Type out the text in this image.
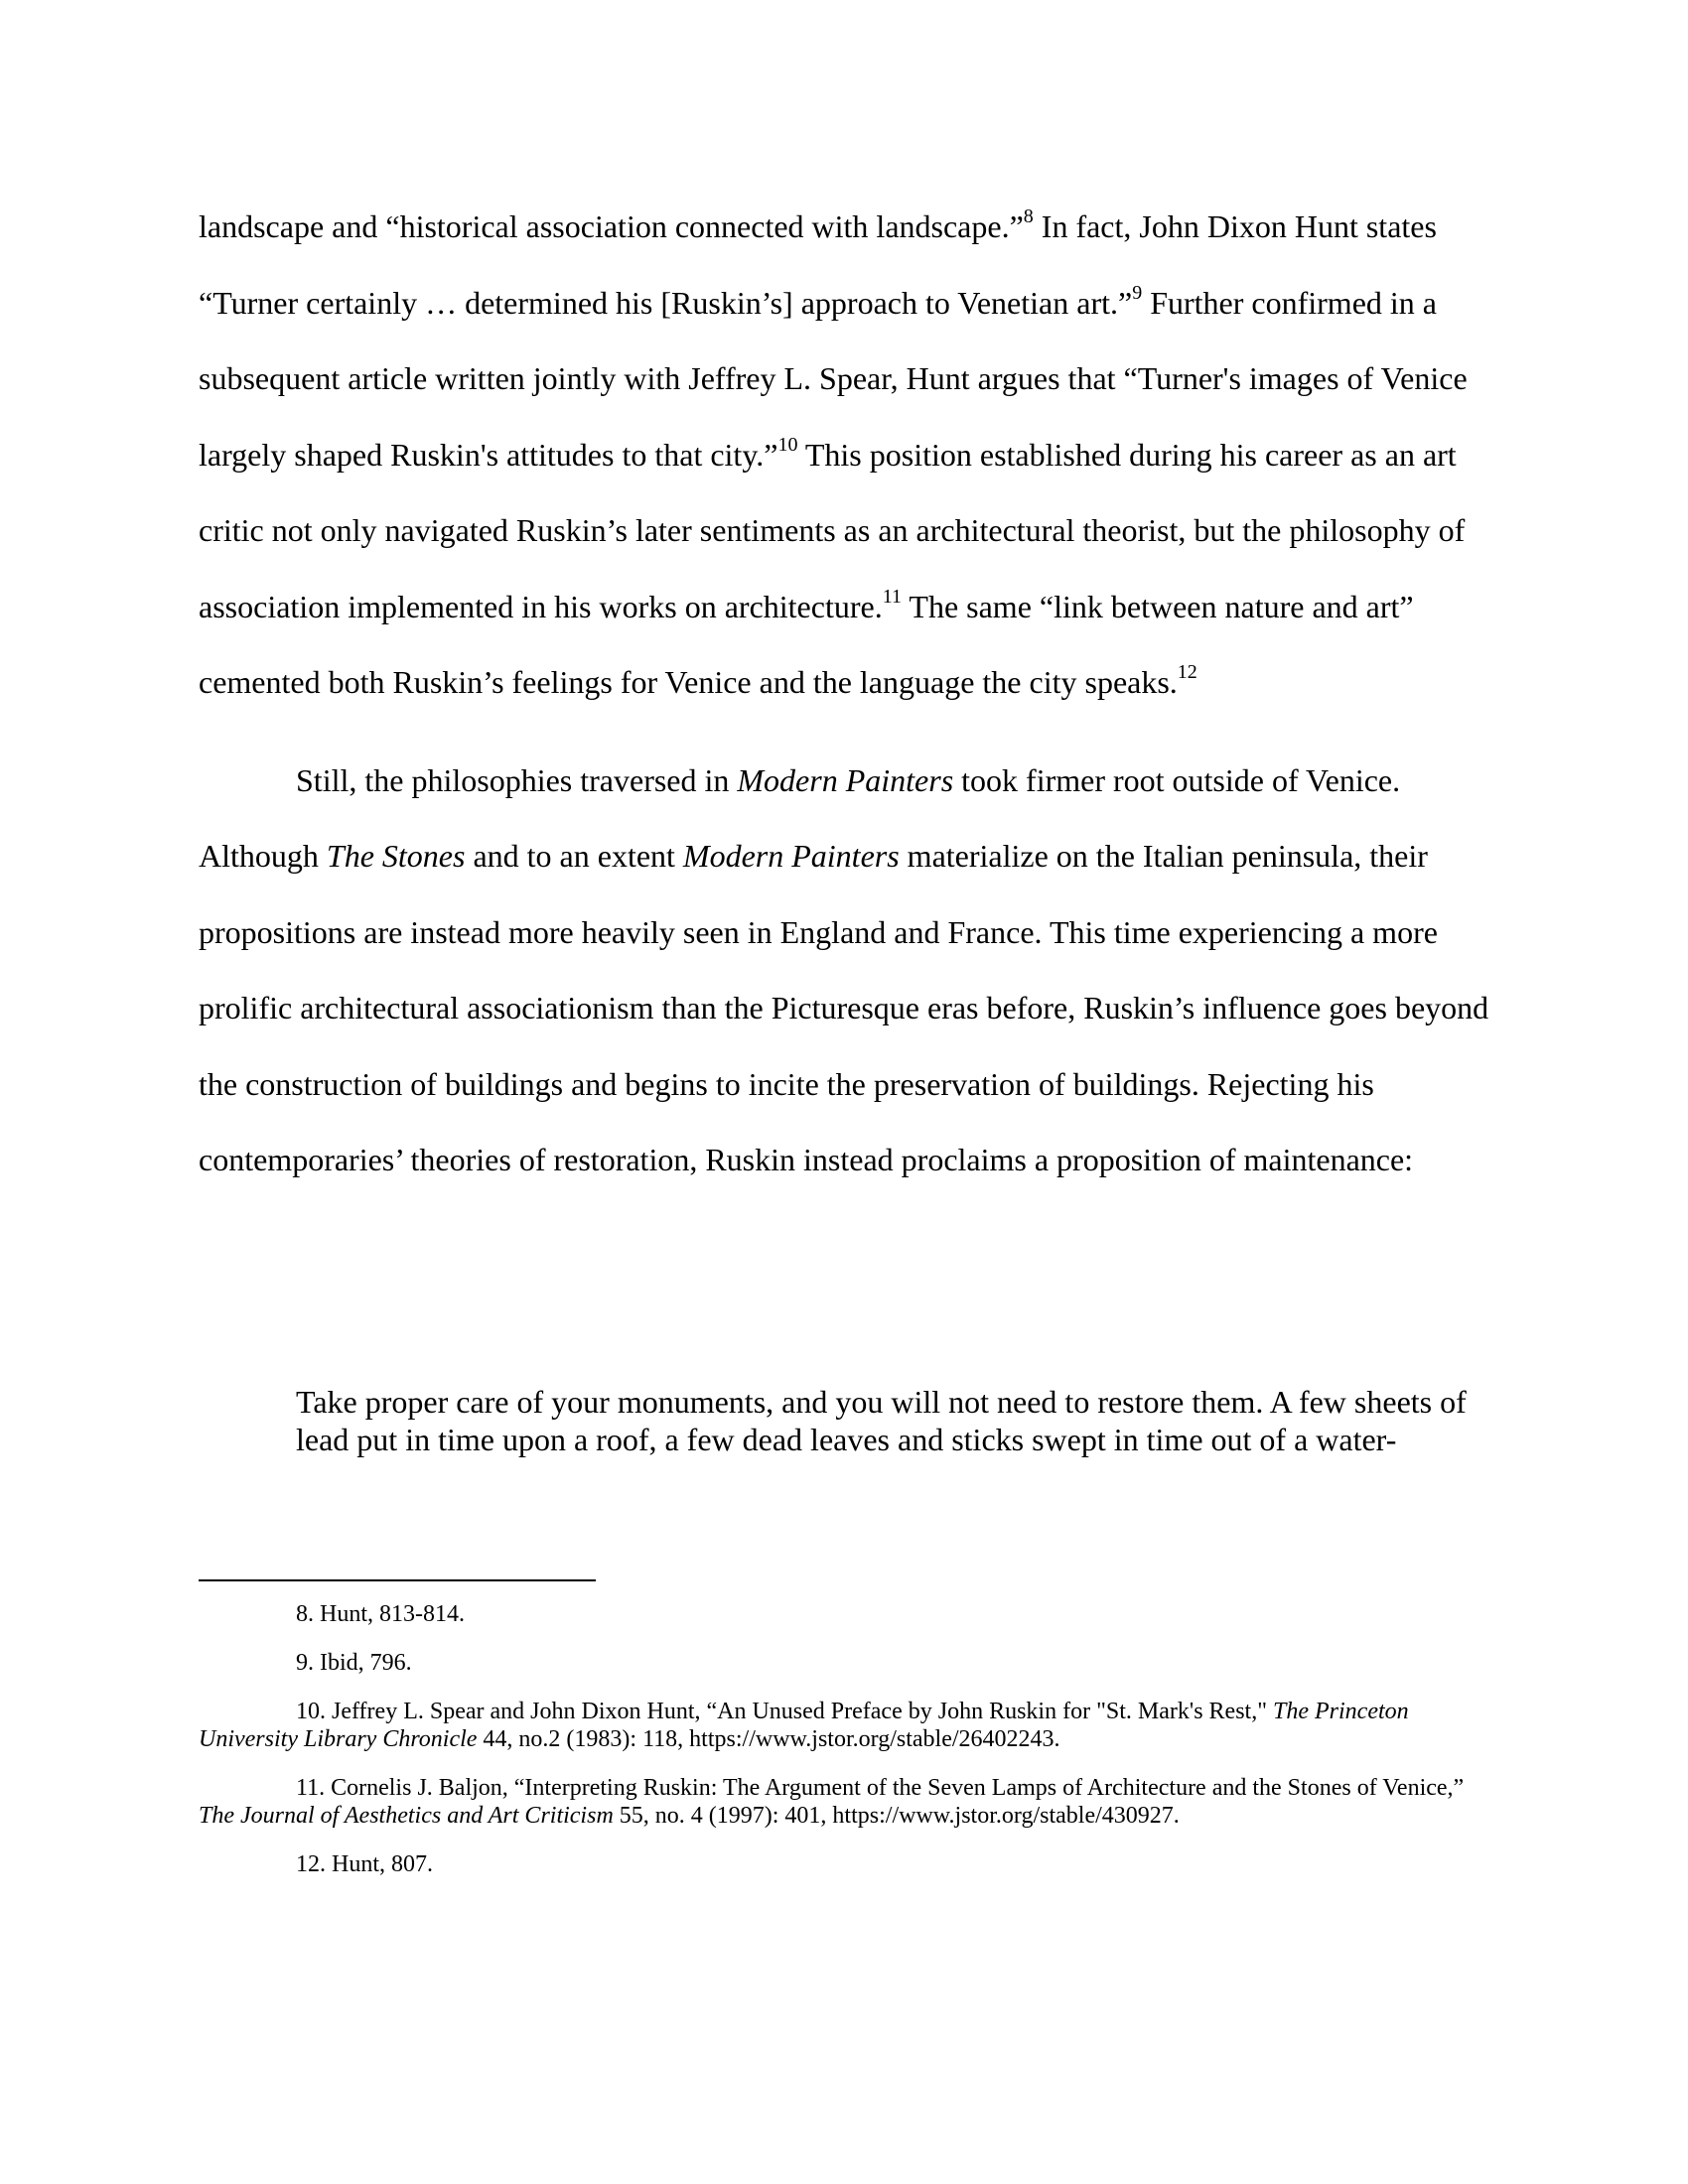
landscape and “historical association connected with landscape.”$^8$ In fact, John Dixon Hunt states “Turner certainly … determined his [Ruskin’s] approach to Venetian art.”$^9$ Further confirmed in a subsequent article written jointly with Jeffrey L. Spear, Hunt argues that “Turner's images of Venice largely shaped Ruskin's attitudes to that city.”$^{10}$ This position established during his career as an art critic not only navigated Ruskin’s later sentiments as an architectural theorist, but the philosophy of association implemented in his works on architecture.$^{11}$ The same “link between nature and art” cemented both Ruskin’s feelings for Venice and the language the city speaks.$^{12}$

Still, the philosophies traversed in Modern Painters took firmer root outside of Venice. Although The Stones and to an extent Modern Painters materialize on the Italian peninsula, their propositions are instead more heavily seen in England and France. This time experiencing a more prolific architectural associationism than the Picturesque eras before, Ruskin’s influence goes beyond the construction of buildings and begins to incite the preservation of buildings. Rejecting his contemporaries’ theories of restoration, Ruskin instead proclaims a proposition of maintenance:

Take proper care of your monuments, and you will not need to restore them. A few sheets of lead put in time upon a roof, a few dead leaves and sticks swept in time out of a water-

8. Hunt, 813-814.

9. Ibid, 796.

10. Jeffrey L. Spear and John Dixon Hunt, “An Unused Preface by John Ruskin for "St. Mark's Rest," The Princeton University Library Chronicle 44, no.2 (1983): 118, https://www.jstor.org/stable/26402243.

11. Cornelis J. Baljon, “Interpreting Ruskin: The Argument of the Seven Lamps of Architecture and the Stones of Venice,” The Journal of Aesthetics and Art Criticism 55, no. 4 (1997): 401, https://www.jstor.org/stable/430927.

12. Hunt, 807.
